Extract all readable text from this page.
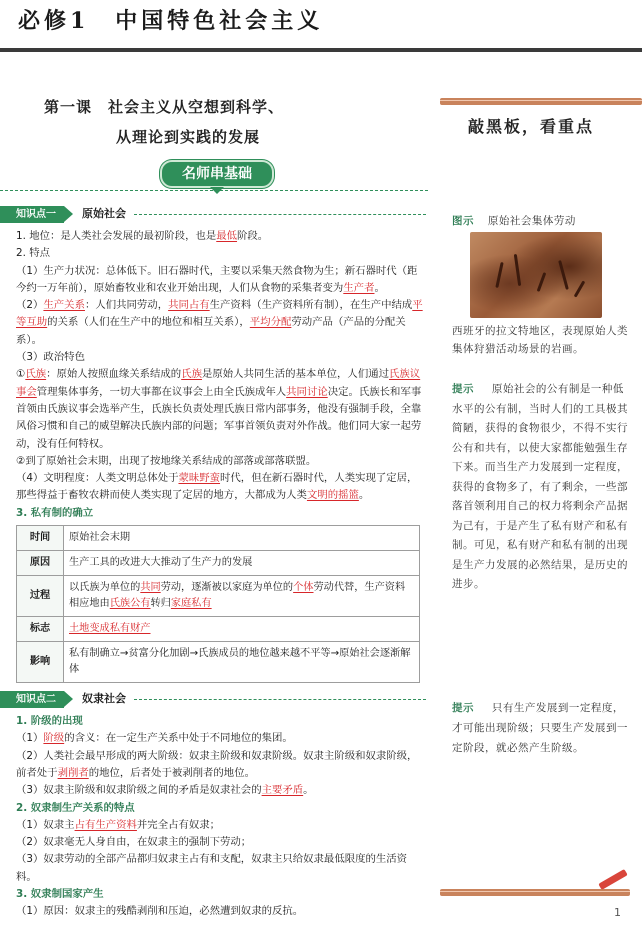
必修1　中国特色社会主义
第一课　社会主义从空想到科学、
从理论到实践的发展
敲黑板，看重点
名师串基础
知识点一	原始社会

1. 地位：是人类社会发展的最初阶段，也是最低阶段。

2. 特点

（1）生产力状况：总体低下。旧石器时代，主要以采集天然食物为生；新石器时代（距今约一万年前），原始畜牧业和农业开始出现，人们从食物的采集者变为生产者。

（2）生产关系：人们共同劳动，共同占有生产资料（生产资料所有制），在生产中结成平等互助的关系（人们在生产中的地位和相互关系），平均分配劳动产品（产品的分配关系）。

（3）政治特色

①氏族：原始人按照血缘关系结成的氏族是原始人共同生活的基本单位，人们通过氏族议事会管理集体事务，一切大事都在议事会上由全氏族成年人共同讨论决定。氏族长和军事首领由氏族议事会选举产生，氏族长负责处理氏族日常内部事务，他没有强制手段，全靠风俗习惯和自己的威望解决氏族内部的问题；军事首领负责对外作战。他们同大家一起劳动，没有任何特权。

②到了原始社会末期，出现了按地缘关系结成的部落或部落联盟。

（4）文明程度：人类文明总体处于蒙昧野蛮时代，但在新石器时代，人类实现了定居，那些得益于畜牧农耕而使人类实现了定居的地方，大都成为人类文明的摇篮。

3. 私有制的确立

时间	原始社会末期
原因	生产工具的改进大大推动了生产力的发展
过程	以氏族为单位的共同劳动，逐渐被以家庭为单位的个体劳动代替，生产资料相应地由氏族公有转归家庭私有
标志	土地变成私有财产
影响	私有制确立→贫富分化加剧→氏族成员的地位越来越不平等→原始社会逐渐解体
知识点二	奴隶社会

1. 阶级的出现

（1）阶级的含义：在一定生产关系中处于不同地位的集团。

（2）人类社会最早形成的两大阶级：奴隶主阶级和奴隶阶级。奴隶主阶级和奴隶阶级，前者处于剥削者的地位，后者处于被剥削者的地位。

（3）奴隶主阶级和奴隶阶级之间的矛盾是奴隶社会的主要矛盾。

2. 奴隶制生产关系的特点

（1）奴隶主占有生产资料并完全占有奴隶；

（2）奴隶毫无人身自由，在奴隶主的强制下劳动；

（3）奴隶劳动的全部产品都归奴隶主占有和支配，奴隶主只给奴隶最低限度的生活资料。

3. 奴隶制国家产生

（1）原因：奴隶主的残酷剥削和压迫，必然遭到奴隶的反抗。

图示 原始社会集体劳动
西班牙的拉文特地区，表现原始人类集体狩猎活动场景的岩画。
提示 原始社会的公有制是一种低水平的公有制，当时人们的工具极其简陋，获得的食物很少，不得不实行公有和共有，以使大家都能勉强生存下来。而当生产力发展到一定程度，获得的食物多了，有了剩余，一些部落首领利用自己的权力将剩余产品据为己有，于是产生了私有财产和私有制。可见，私有财产和私有制的出现是生产力发展的必然结果，是历史的进步。
提示 只有生产发展到一定程度，才可能出现阶级；只要生产发展到一定阶段，就必然产生阶级。
1
